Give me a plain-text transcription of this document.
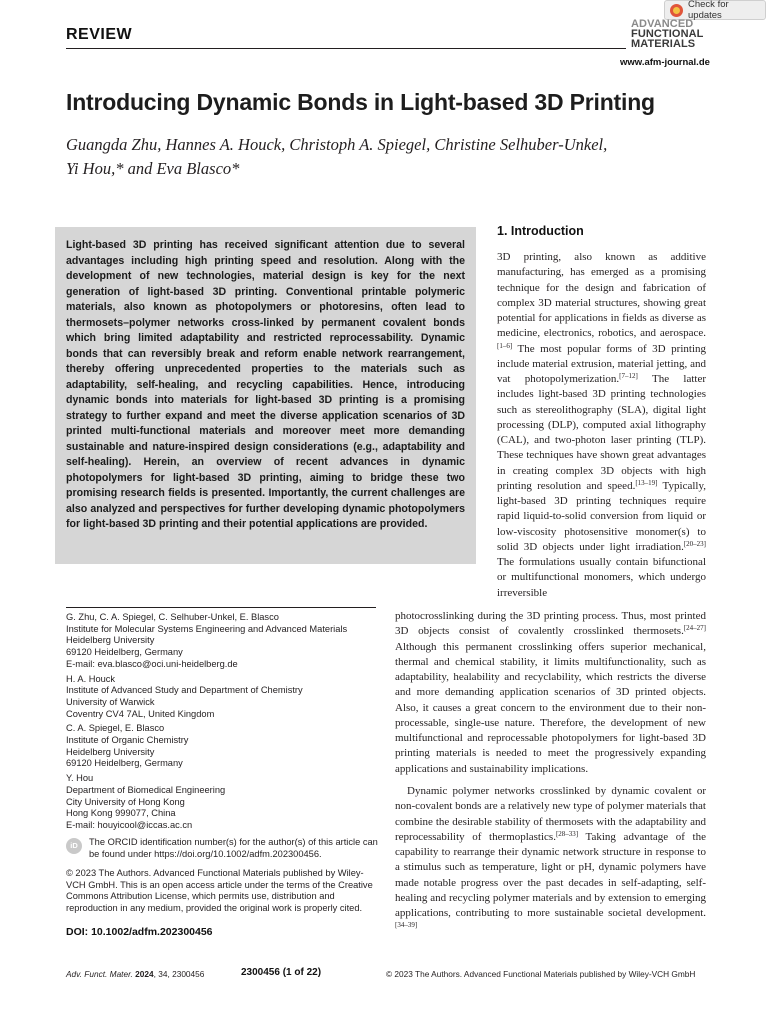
REVIEW
Check for updates
ADVANCED
FUNCTIONAL
MATERIALS
www.afm-journal.de
Introducing Dynamic Bonds in Light-based 3D Printing
Guangda Zhu, Hannes A. Houck, Christoph A. Spiegel, Christine Selhuber-Unkel,
Yi Hou,* and Eva Blasco*
Light-based 3D printing has received significant attention due to several advantages including high printing speed and resolution. Along with the development of new technologies, material design is key for the next generation of light-based 3D printing. Conventional printable polymeric materials, also known as photopolymers or photoresins, often lead to thermosets–polymer networks cross-linked by permanent covalent bonds which bring limited adaptability and restricted reprocessability. Dynamic bonds that can reversibly break and reform enable network rearrangement, thereby offering unprecedented properties to the materials such as adaptability, self-healing, and recycling capabilities. Hence, introducing dynamic bonds into materials for light-based 3D printing is a promising strategy to further expand and meet the diverse application scenarios of 3D printed multi-functional materials and moreover meet more demanding sustainable and nature-inspired design considerations (e.g., adaptability and self-healing). Herein, an overview of recent advances in dynamic photopolymers for light-based 3D printing, aiming to bridge these two promising research fields is presented. Importantly, the current challenges are also analyzed and perspectives for further developing dynamic photopolymers for light-based 3D printing and their potential applications are provided.
1. Introduction
3D printing, also known as additive manufacturing, has emerged as a promising technique for the design and fabrication of complex 3D material structures, showing great potential for applications in fields as diverse as medicine, electronics, robotics, and aerospace.[1–6] The most popular forms of 3D printing include material extrusion, material jetting, and vat photopolymerization.[7–12] The latter includes light-based 3D printing technologies such as stereolithography (SLA), digital light processing (DLP), computed axial lithography (CAL), and two-photon laser printing (TLP). These techniques have shown great advantages in creating complex 3D objects with high printing resolution and speed.[13–19] Typically, light-based 3D printing techniques require rapid liquid-to-solid conversion from liquid or low-viscosity photosensitive monomer(s) to solid 3D objects under light irradiation.[20–23] The formulations usually contain bifunctional or multifunctional monomers, which undergo irreversible
photocrosslinking during the 3D printing process. Thus, most printed 3D objects consist of covalently crosslinked thermosets.[24–27] Although this permanent crosslinking offers superior mechanical, thermal and chemical stability, it limits multifunctionality, such as adaptability, healability and recyclability, which restricts the diverse and more demanding application scenarios of 3D printed objects. Also, it causes a great concern to the environment due to their non-processable, single-use nature. Therefore, the development of new multifunctional and reprocessable photopolymers for light-based 3D printing materials is needed to meet the progressively expanding applications and sustainability implications.
Dynamic polymer networks crosslinked by dynamic covalent or non-covalent bonds are a relatively new type of polymer materials that combine the desirable stability of thermosets with the adaptability and reprocessability of thermoplastics.[28–33] Taking advantage of the capability to rearrange their dynamic network structure in response to a stimulus such as temperature, light or pH, dynamic polymers have made notable progress over the past decades in self-adapting, self-healing and recycling polymer materials and by extension to emerging applications, contributing to more sustainable societal development.[34–39]
G. Zhu, C. A. Spiegel, C. Selhuber-Unkel, E. Blasco
Institute for Molecular Systems Engineering and Advanced Materials
Heidelberg University
69120 Heidelberg, Germany
E-mail: eva.blasco@oci.uni-heidelberg.de
H. A. Houck
Institute of Advanced Study and Department of Chemistry
University of Warwick
Coventry CV4 7AL, United Kingdom
C. A. Spiegel, E. Blasco
Institute of Organic Chemistry
Heidelberg University
69120 Heidelberg, Germany
Y. Hou
Department of Biomedical Engineering
City University of Hong Kong
Hong Kong 999077, China
E-mail: houyicool@iccas.ac.cn
iD	The ORCID identification number(s) for the author(s) of this article can be found under https://doi.org/10.1002/adfm.202300456.
© 2023 The Authors. Advanced Functional Materials published by Wiley-VCH GmbH. This is an open access article under the terms of the Creative Commons Attribution License, which permits use, distribution and reproduction in any medium, provided the original work is properly cited.
DOI: 10.1002/adfm.202300456
Adv. Funct. Mater. 2024, 34, 2300456	2300456 (1 of 22)	© 2023 The Authors. Advanced Functional Materials published by Wiley-VCH GmbH
